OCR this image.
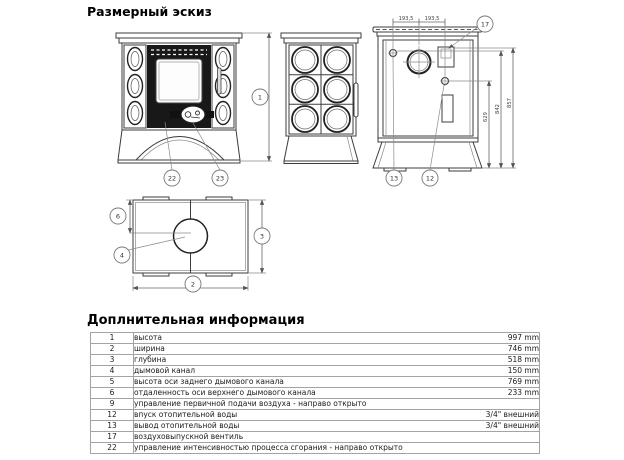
Размерный эскиз
1
22	23
193,5 193,5
629
842
857
17
13	12
6
4
3
2
Доплнительная информация
1	высота	997 mm
2	ширина	746 mm
3	глубина	518 mm
4	дымовой канал	150 mm
5	высота оси заднего дымового канала	769 mm
6	отдаленность оси верхнего дымового канала	233 mm
9	управление первичной подачи воздуха - направо открыто	
12	впуск отопительной воды	3/4" внешний
13	вывод отопительной воды	3/4" внешний
17	воздуховыпускной вентиль	
22	управление интенсивностью процесса сгорания - направо открыто	
